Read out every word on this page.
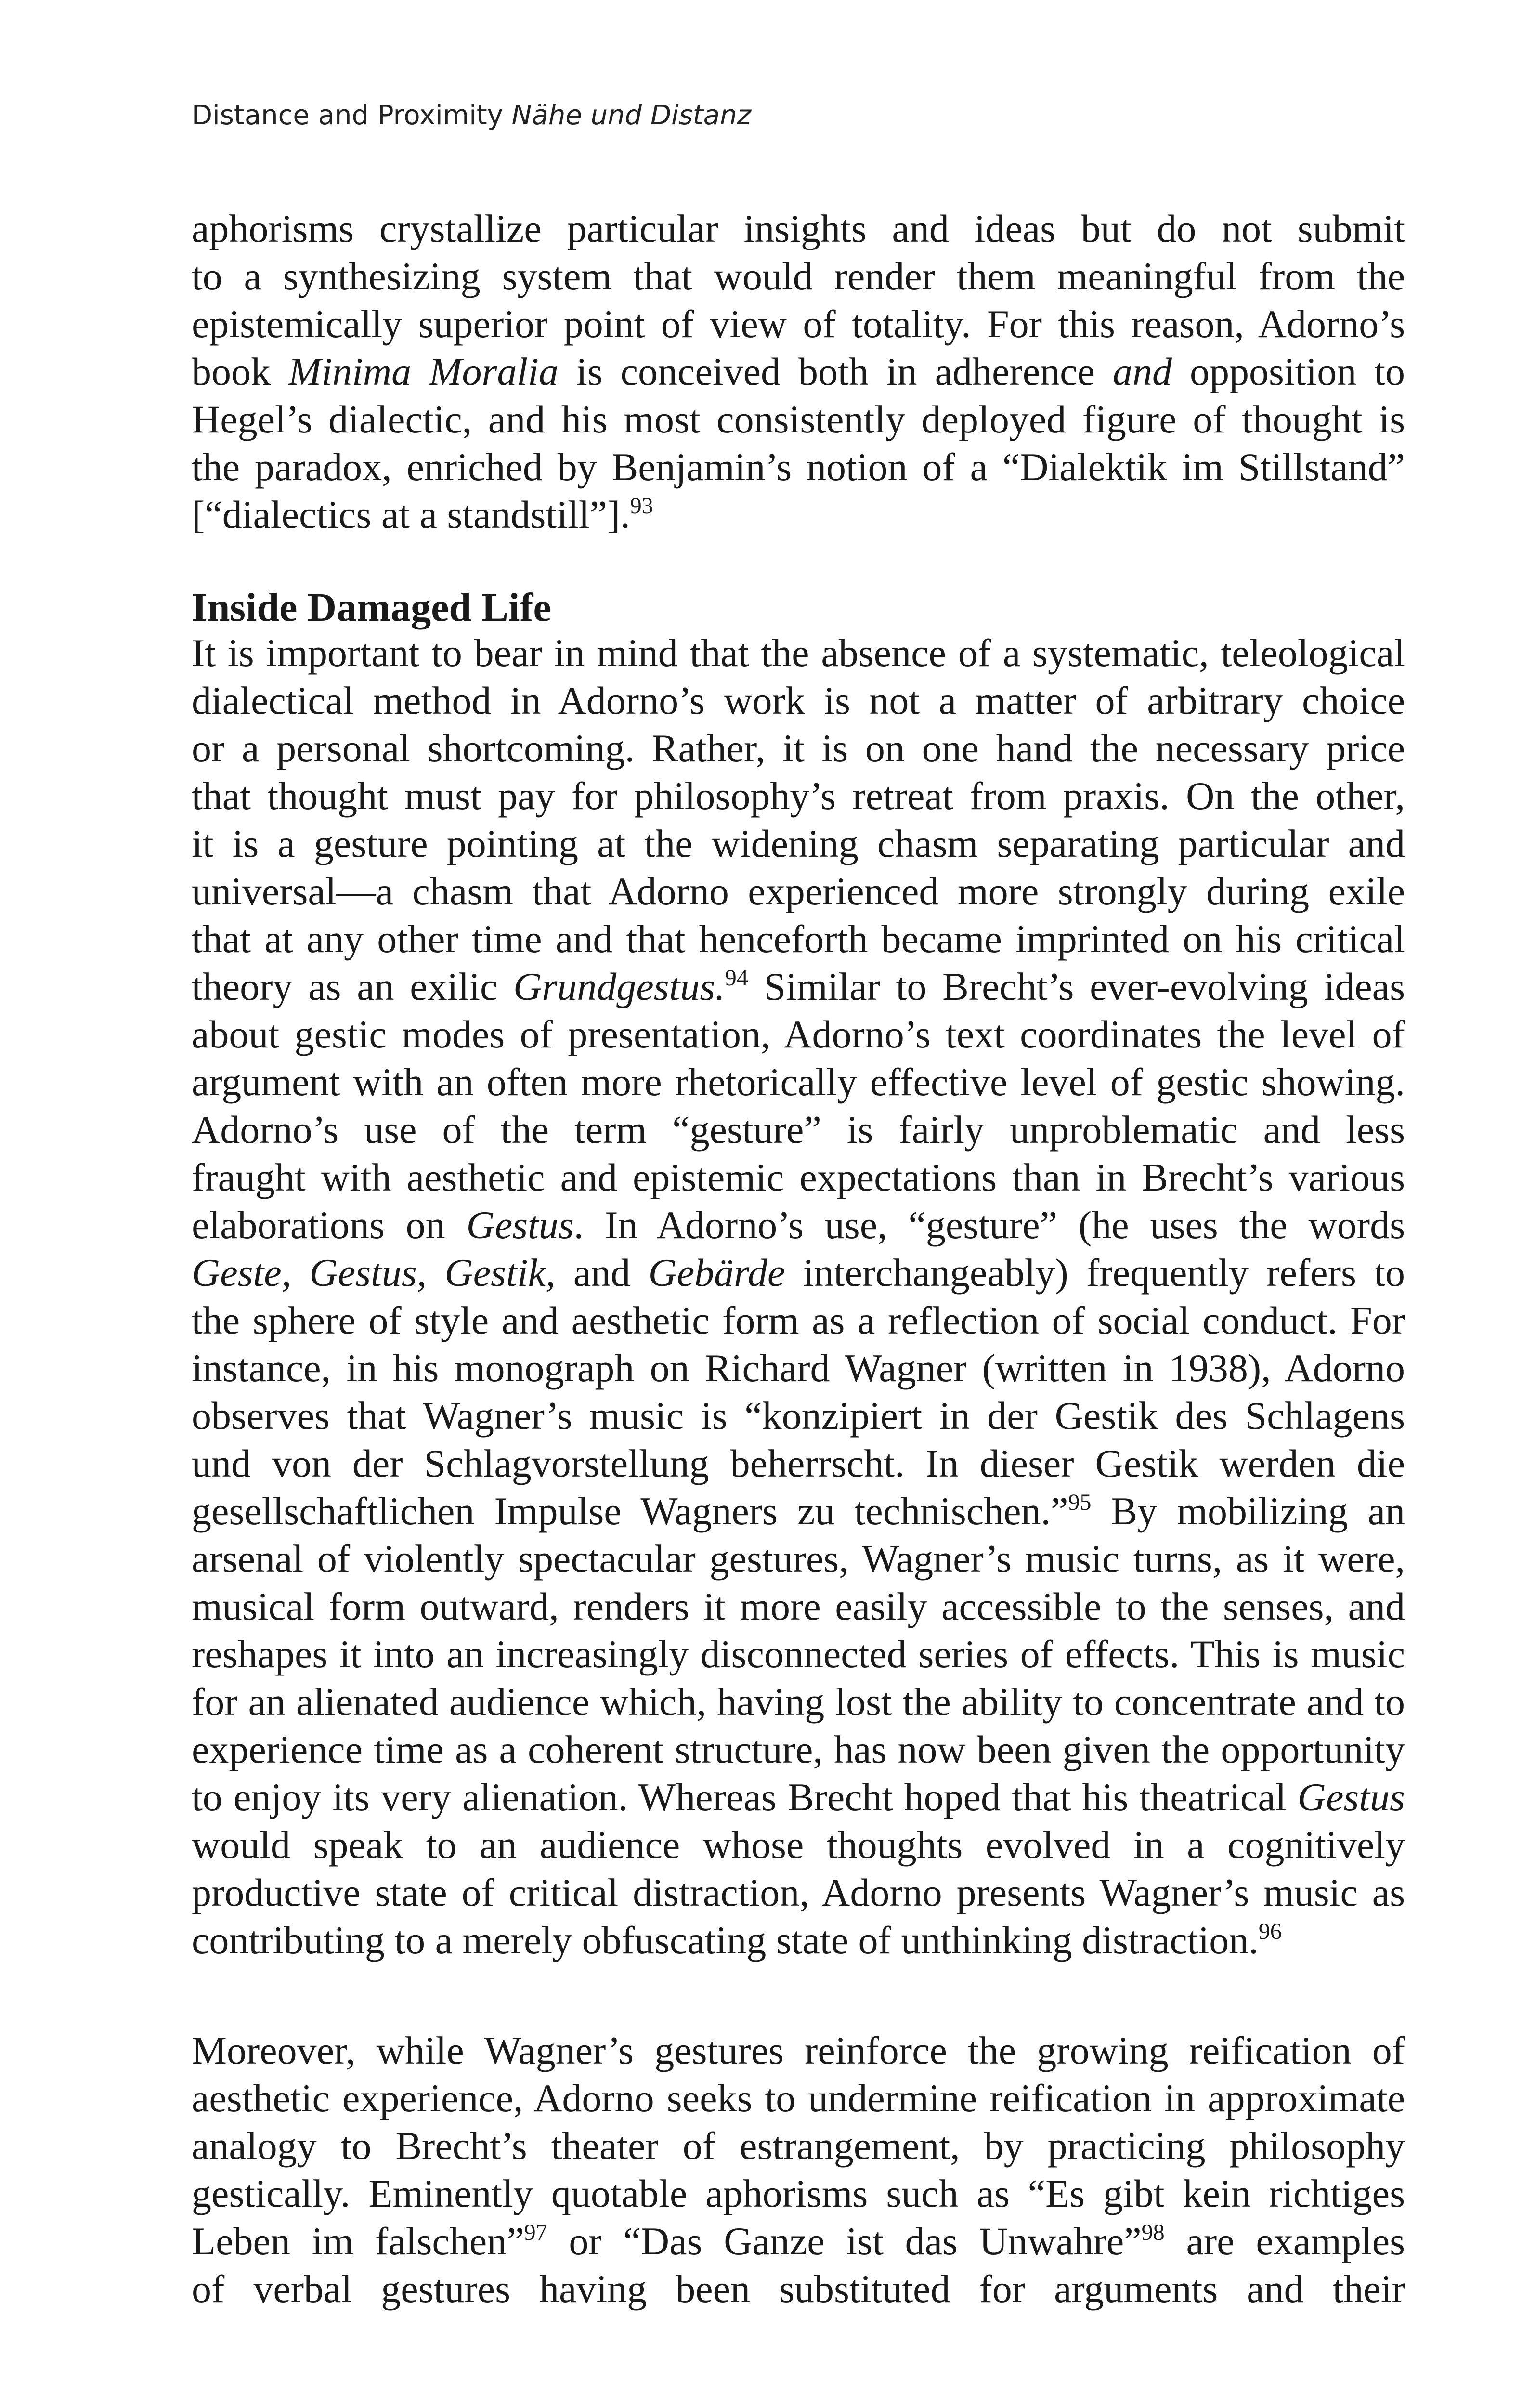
Distance and Proximity Nähe und Distanz
aphorisms crystallize particular insights and ideas but do not submit
to a synthesizing system that would render them meaningful from the
epistemically superior point of view of totality. For this reason, Adorno’s
book Minima Moralia is conceived both in adherence and opposition to
Hegel’s dialectic, and his most consistently deployed figure of thought is
the paradox, enriched by Benjamin’s notion of a “Dialektik im Stillstand”
[“dialectics at a standstill”].$^{93}$
Inside Damaged Life
It is important to bear in mind that the absence of a systematic, teleological
dialectical method in Adorno’s work is not a matter of arbitrary choice
or a personal shortcoming. Rather, it is on one hand the necessary price
that thought must pay for philosophy’s retreat from praxis. On the other,
it is a gesture pointing at the widening chasm separating particular and
universal—a chasm that Adorno experienced more strongly during exile
that at any other time and that henceforth became imprinted on his critical
theory as an exilic Grundgestus.$^{94}$ Similar to Brecht’s ever-evolving ideas
about gestic modes of presentation, Adorno’s text coordinates the level of
argument with an often more rhetorically effective level of gestic showing.
Adorno’s use of the term “gesture” is fairly unproblematic and less
fraught with aesthetic and epistemic expectations than in Brecht’s various
elaborations on Gestus. In Adorno’s use, “gesture” (he uses the words
Geste, Gestus, Gestik, and Gebärde interchangeably) frequently refers to
the sphere of style and aesthetic form as a reflection of social conduct. For
instance, in his monograph on Richard Wagner (written in 1938), Adorno
observes that Wagner’s music is “konzipiert in der Gestik des Schlagens
und von der Schlagvorstellung beherrscht. In dieser Gestik werden die
gesellschaftlichen Impulse Wagners zu technischen.”$^{95}$ By mobilizing an
arsenal of violently spectacular gestures, Wagner’s music turns, as it were,
musical form outward, renders it more easily accessible to the senses, and
reshapes it into an increasingly disconnected series of effects. This is music
for an alienated audience which, having lost the ability to concentrate and to
experience time as a coherent structure, has now been given the opportunity
to enjoy its very alienation. Whereas Brecht hoped that his theatrical Gestus
would speak to an audience whose thoughts evolved in a cognitively
productive state of critical distraction, Adorno presents Wagner’s music as
contributing to a merely obfuscating state of unthinking distraction.$^{96}$
Moreover, while Wagner’s gestures reinforce the growing reification of
aesthetic experience, Adorno seeks to undermine reification in approximate
analogy to Brecht’s theater of estrangement, by practicing philosophy
gestically. Eminently quotable aphorisms such as “Es gibt kein richtiges
Leben im falschen”$^{97}$ or “Das Ganze ist das Unwahre”$^{98}$ are examples
of verbal gestures having been substituted for arguments and their
